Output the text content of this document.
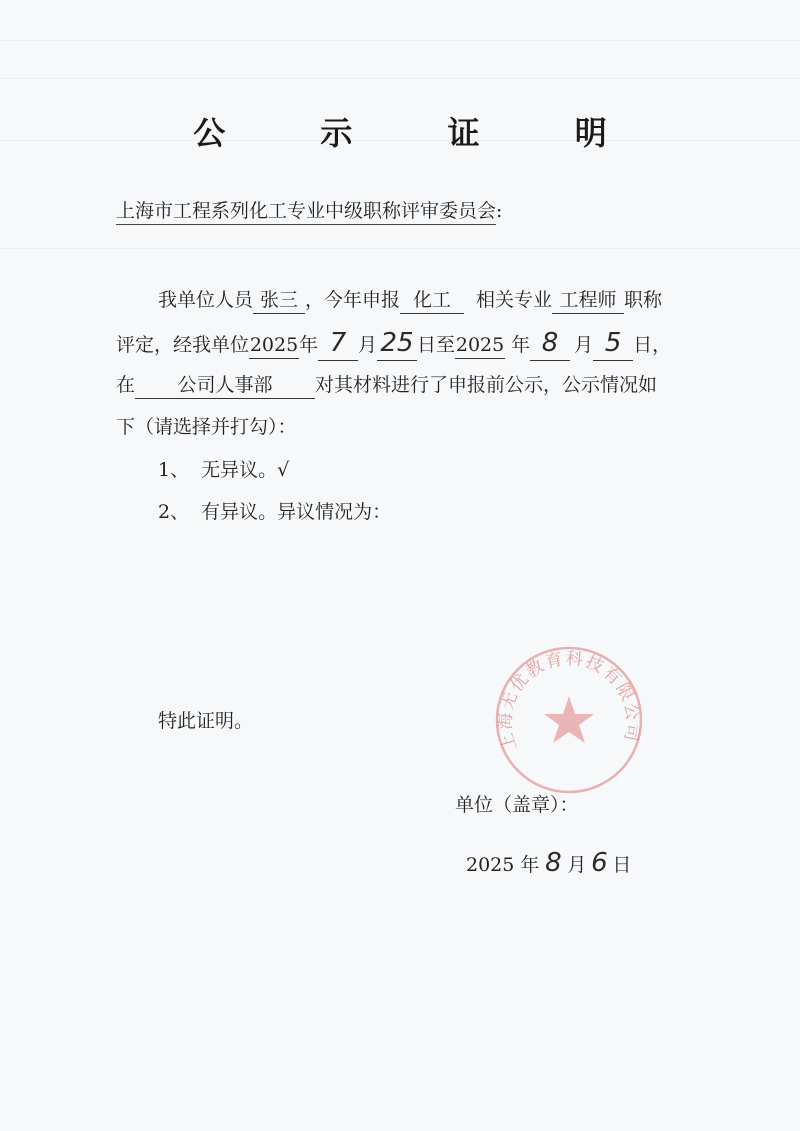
公 示 证 明
上海市工程系列化工专业中级职称评审委员会:
我单位人员 张三 ，今年申报 化工 相关专业 工程师 职称
评定，经我单位2025年 7 月 25 日至2025 年 8 月 5 日，
在 公司人事部 对其材料进行了申报前公示，公示情况如
下（请选择并打勾）：
1、 无异议。√
2、 有异议。异议情况为：
特此证明。
上海无优教育科技有限公司
单位（盖章）：
2025 年 8 月 6 日
